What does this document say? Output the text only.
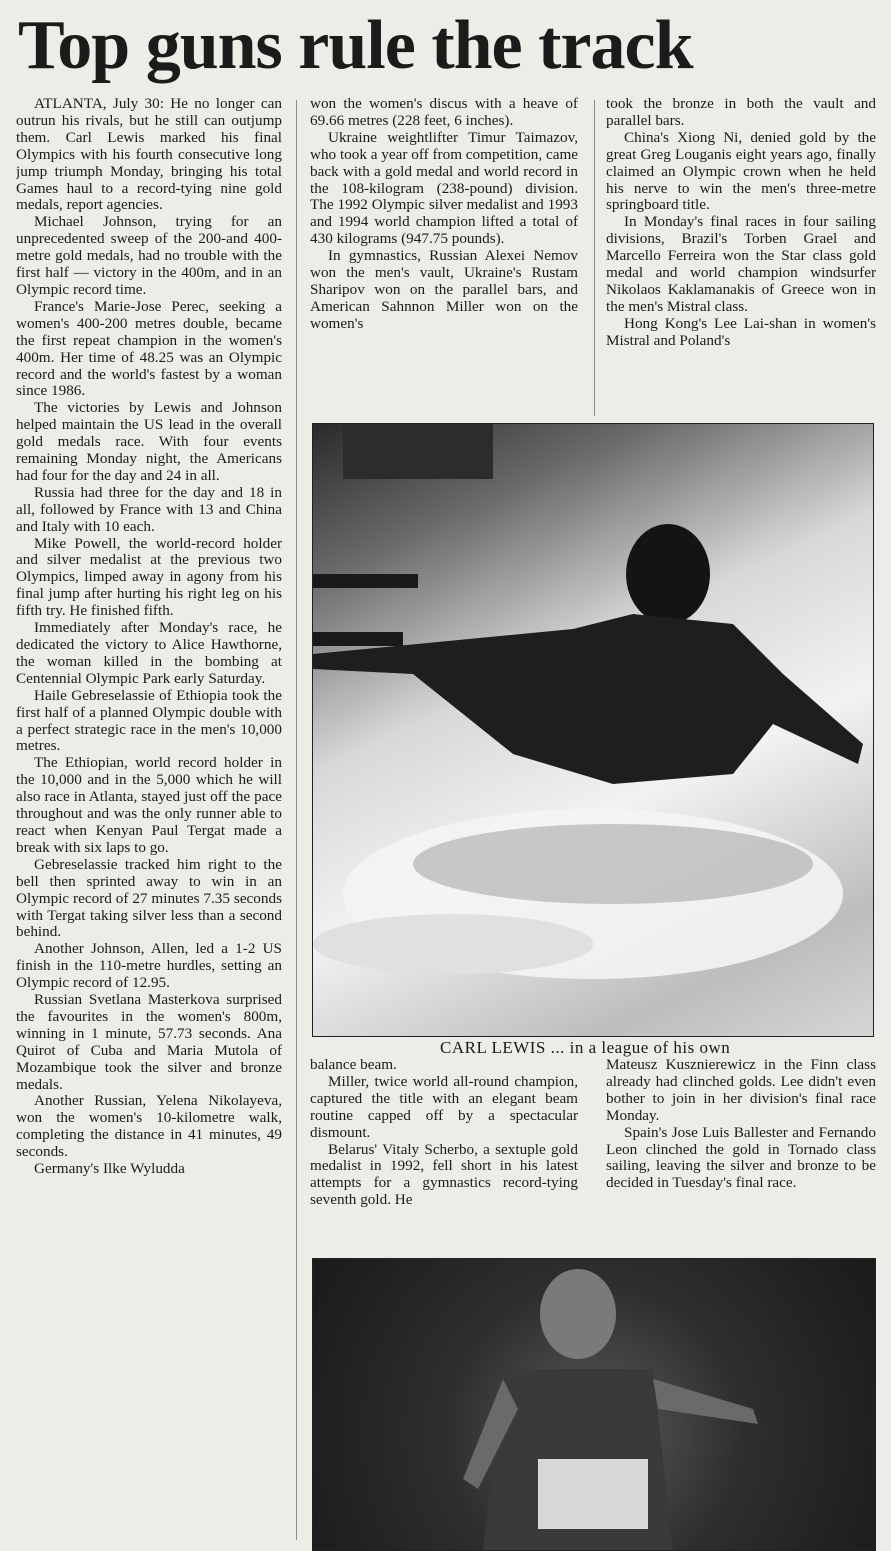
Top guns rule the track

ATLANTA, July 30: He no longer can outrun his rivals, but he still can outjump them. Carl Lewis marked his final Olympics with his fourth consecutive long jump triumph Monday, bringing his total Games haul to a record-tying nine gold medals, report agencies.

Michael Johnson, trying for an unprecedented sweep of the 200-and 400-metre gold medals, had no trouble with the first half — victory in the 400m, and in an Olympic record time.

France's Marie-Jose Perec, seeking a women's 400-200 metres double, became the first repeat champion in the women's 400m. Her time of 48.25 was an Olympic record and the world's fastest by a woman since 1986.

The victories by Lewis and Johnson helped maintain the US lead in the overall gold medals race. With four events remaining Monday night, the Americans had four for the day and 24 in all.

Russia had three for the day and 18 in all, followed by France with 13 and China and Italy with 10 each.

Mike Powell, the world-record holder and silver medalist at the previous two Olympics, limped away in agony from his final jump after hurting his right leg on his fifth try. He finished fifth.

Immediately after Monday's race, he dedicated the victory to Alice Hawthorne, the woman killed in the bombing at Centennial Olympic Park early Saturday.

Haile Gebreselassie of Ethiopia took the first half of a planned Olympic double with a perfect strategic race in the men's 10,000 metres.

The Ethiopian, world record holder in the 10,000 and in the 5,000 which he will also race in Atlanta, stayed just off the pace throughout and was the only runner able to react when Kenyan Paul Tergat made a break with six laps to go.

Gebreselassie tracked him right to the bell then sprinted away to win in an Olympic record of 27 minutes 7.35 seconds with Tergat taking silver less than a second behind.

Another Johnson, Allen, led a 1-2 US finish in the 110-metre hurdles, setting an Olympic record of 12.95.

Russian Svetlana Masterkova surprised the favourites in the women's 800m, winning in 1 minute, 57.73 seconds. Ana Quirot of Cuba and Maria Mutola of Mozambique took the silver and bronze medals.

Another Russian, Yelena Nikolayeva, won the women's 10-kilometre walk, completing the distance in 41 minutes, 49 seconds.

Germany's Ilke Wyludda

won the women's discus with a heave of 69.66 metres (228 feet, 6 inches).

Ukraine weightlifter Timur Taimazov, who took a year off from competition, came back with a gold medal and world record in the 108-kilogram (238-pound) division. The 1992 Olympic silver medalist and 1993 and 1994 world champion lifted a total of 430 kilograms (947.75 pounds).

In gymnastics, Russian Alexei Nemov won the men's vault, Ukraine's Rustam Sharipov won on the parallel bars, and American Sahnnon Miller won on the women's

took the bronze in both the vault and parallel bars.

China's Xiong Ni, denied gold by the great Greg Louganis eight years ago, finally claimed an Olympic crown when he held his nerve to win the men's three-metre springboard title.

In Monday's final races in four sailing divisions, Brazil's Torben Grael and Marcello Ferreira won the Star class gold medal and world champion windsurfer Nikolaos Kaklamanakis of Greece won in the men's Mistral class.

Hong Kong's Lee Lai-shan in women's Mistral and Poland's

CARL LEWIS ... in a league of his own

balance beam.

Miller, twice world all-round champion, captured the title with an elegant beam routine capped off by a spectacular dismount.

Belarus' Vitaly Scherbo, a sextuple gold medalist in 1992, fell short in his latest attempts for a gymnastics record-tying seventh gold. He

Mateusz Kusznierewicz in the Finn class already had clinched golds. Lee didn't even bother to join in her division's final race Monday.

Spain's Jose Luis Ballester and Fernando Leon clinched the gold in Tornado class sailing, leaving the silver and bronze to be decided in Tuesday's final race.
